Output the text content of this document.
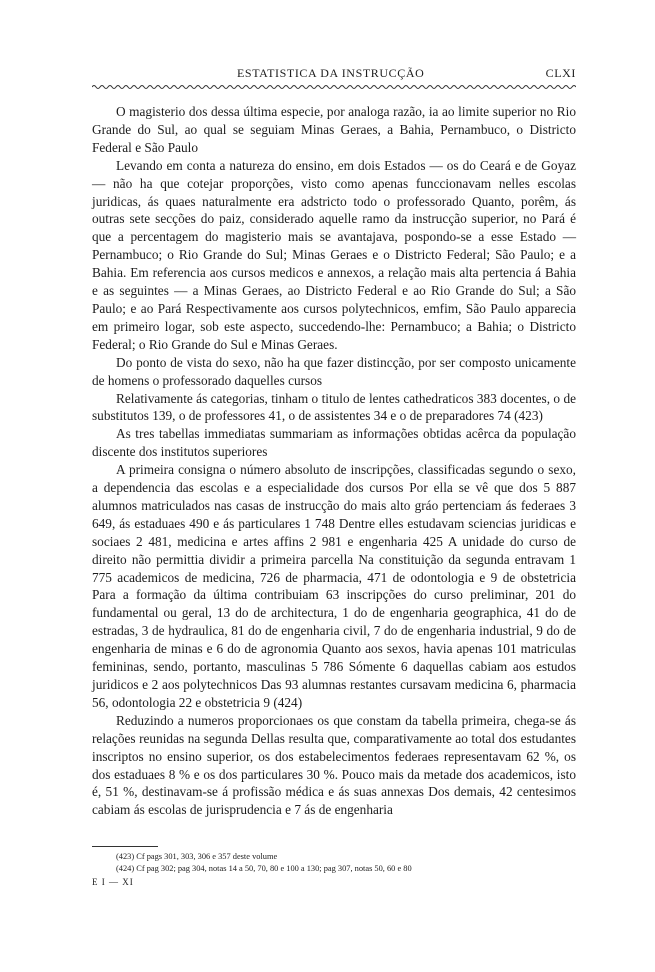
ESTATISTICA DA INSTRUCÇÃO	CLXI

O magisterio dos dessa última especie, por analoga razão, ia ao limite superior no Rio Grande do Sul, ao qual se seguiam Minas Geraes, a Bahia, Pernambuco, o Districto Federal e São Paulo

Levando em conta a natureza do ensino, em dois Estados — os do Ceará e de Goyaz — não ha que cotejar proporções, visto como apenas funccionavam nelles escolas juridicas, ás quaes naturalmente era adstricto todo o professorado Quanto, porêm, ás outras sete secções do paiz, considerado aquelle ramo da instrucção superior, no Pará é que a percentagem do magisterio mais se avantajava, pospondo-se a esse Estado — Pernambuco; o Rio Grande do Sul; Minas Geraes e o Districto Federal; São Paulo; e a Bahia. Em referencia aos cursos medicos e annexos, a relação mais alta pertencia á Bahia e as seguintes — a Minas Geraes, ao Districto Federal e ao Rio Grande do Sul; a São Paulo; e ao Pará Respectivamente aos cursos polytechnicos, emfim, São Paulo apparecia em primeiro logar, sob este aspecto, succedendo-lhe: Pernambuco; a Bahia; o Districto Federal; o Rio Grande do Sul e Minas Geraes.

Do ponto de vista do sexo, não ha que fazer distincção, por ser composto unicamente de homens o professorado daquelles cursos

Relativamente ás categorias, tinham o titulo de lentes cathedraticos 383 docentes, o de substitutos 139, o de professores 41, o de assistentes 34 e o de preparadores 74 (423)

As tres tabellas immediatas summariam as informações obtidas acêrca da população discente dos institutos superiores

A primeira consigna o número absoluto de inscripções, classificadas segundo o sexo, a dependencia das escolas e a especialidade dos cursos Por ella se vê que dos 5 887 alumnos matriculados nas casas de instrucção do mais alto gráo pertenciam ás federaes 3 649, ás estaduaes 490 e ás particulares 1 748 Dentre elles estudavam sciencias juridicas e sociaes 2 481, medicina e artes affins 2 981 e engenharia 425 A unidade do curso de direito não permittia dividir a primeira parcella Na constituição da segunda entravam 1 775 academicos de medicina, 726 de pharmacia, 471 de odontologia e 9 de obstetricia Para a formação da última contribuiam 63 inscripções do curso preliminar, 201 do fundamental ou geral, 13 do de architectura, 1 do de engenharia geographica, 41 do de estradas, 3 de hydraulica, 81 do de engenharia civil, 7 do de engenharia industrial, 9 do de engenharia de minas e 6 do de agronomia Quanto aos sexos, havia apenas 101 matriculas femininas, sendo, portanto, masculinas 5 786 Sómente 6 daquellas cabiam aos estudos juridicos e 2 aos polytechnicos Das 93 alumnas restantes cursavam medicina 6, pharmacia 56, odontologia 22 e obstetricia 9 (424)

Reduzindo a numeros proporcionaes os que constam da tabella primeira, chega-se ás relações reunidas na segunda Dellas resulta que, comparativamente ao total dos estudantes inscriptos no ensino superior, os dos estabelecimentos federaes representavam 62 %, os dos estaduaes 8 % e os dos particulares 30 %. Pouco mais da metade dos academicos, isto é, 51 %, destinavam-se á profissão médica e ás suas annexas Dos demais, 42 centesimos cabiam ás escolas de jurisprudencia e 7 ás de engenharia

(423) Cf pags 301, 303, 306 e 357 deste volume

(424) Cf pag 302; pag 304, notas 14 a 50, 70, 80 e 100 a 130; pag 307, notas 50, 60 e 80

E I — XI
